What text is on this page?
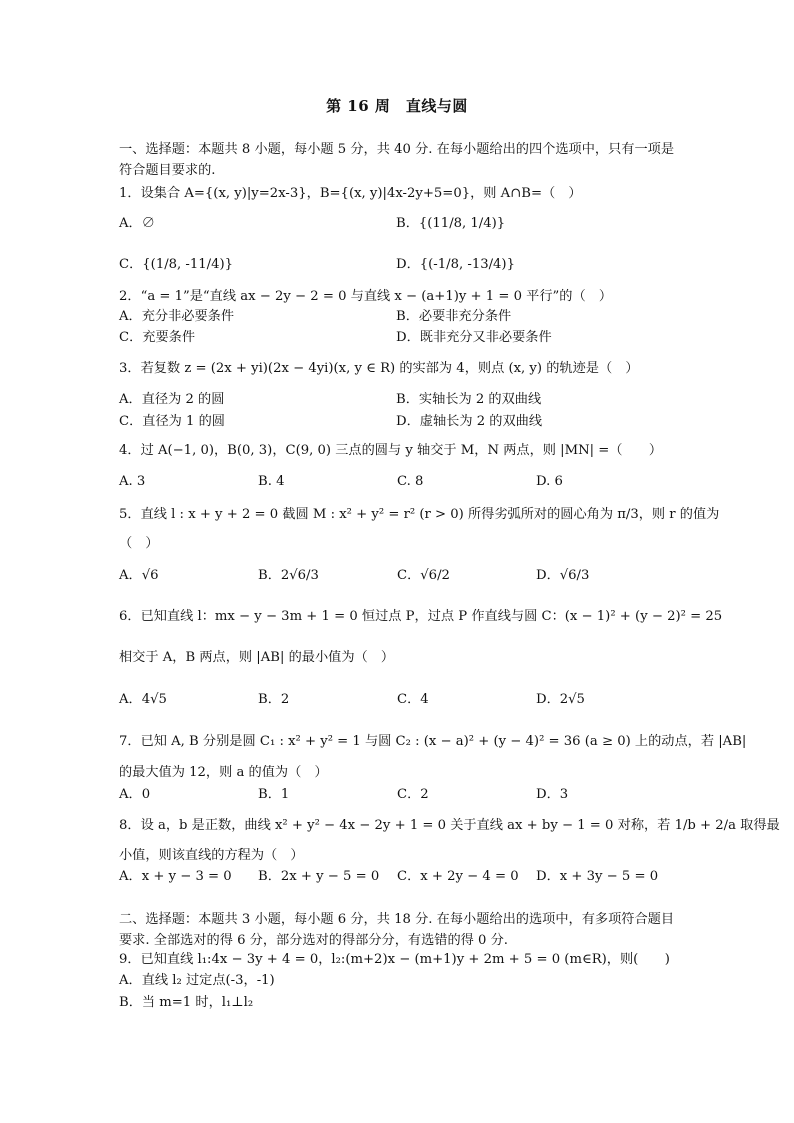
第 16 周　直线与圆
一、选择题：本题共 8 小题，每小题 5 分，共 40 分. 在每小题给出的四个选项中，只有一项是符合题目要求的.
1．设集合 A={(x, y)|y=2x-3}，B={(x, y)|4x-2y+5=0}，则 A∩B=（　）
A．∅	B．{(11/8, 1/4)}
C．{(1/8, -11/4)}	D．{(-1/8, -13/4)}
2．“a = 1”是“直线 ax − 2y − 2 = 0 与直线 x − (a+1)y + 1 = 0 平行”的（　）
A．充分非必要条件	B．必要非充分条件
C．充要条件	D．既非充分又非必要条件
3．若复数 z = (2x + yi)(2x − 4yi)(x, y ∈ R) 的实部为 4，则点 (x, y) 的轨迹是（　）
A．直径为 2 的圆	B．实轴长为 2 的双曲线
C．直径为 1 的圆	D．虚轴长为 2 的双曲线
4．过 A(−1, 0)，B(0, 3)，C(9, 0) 三点的圆与 y 轴交于 M，N 两点，则 |MN| =（　　）
A. 3	B. 4	C. 8	D. 6
5．直线 l : x + y + 2 = 0 截圆 M : x² + y² = r² (r > 0) 所得劣弧所对的圆心角为 π/3，则 r 的值为
（　）
A．√6	B．2√6/3	C．√6/2	D．√6/3
6．已知直线 l：mx − y − 3m + 1 = 0 恒过点 P，过点 P 作直线与圆 C：(x − 1)² + (y − 2)² = 25
相交于 A，B 两点，则 |AB| 的最小值为（　）
A．4√5	B．2	C．4	D．2√5
7．已知 A, B 分别是圆 C₁ : x² + y² = 1 与圆 C₂ : (x − a)² + (y − 4)² = 36 (a ≥ 0) 上的动点，若 |AB|
的最大值为 12，则 a 的值为（　）
A．0	B．1	C．2	D．3
8．设 a，b 是正数，曲线 x² + y² − 4x − 2y + 1 = 0 关于直线 ax + by − 1 = 0 对称，若 1/b + 2/a 取得最
小值，则该直线的方程为（　）
A．x + y − 3 = 0 B．2x + y − 5 = 0 C．x + 2y − 4 = 0 D．x + 3y − 5 = 0
二、选择题：本题共 3 小题，每小题 6 分，共 18 分. 在每小题给出的选项中，有多项符合题目要求. 全部选对的得 6 分，部分选对的得部分分，有选错的得 0 分.
9．已知直线 l₁:4x − 3y + 4 = 0，l₂:(m+2)x − (m+1)y + 2m + 5 = 0 (m∈R)，则(　　)
A．直线 l₂ 过定点(-3，-1)
B．当 m=1 时，l₁⊥l₂
